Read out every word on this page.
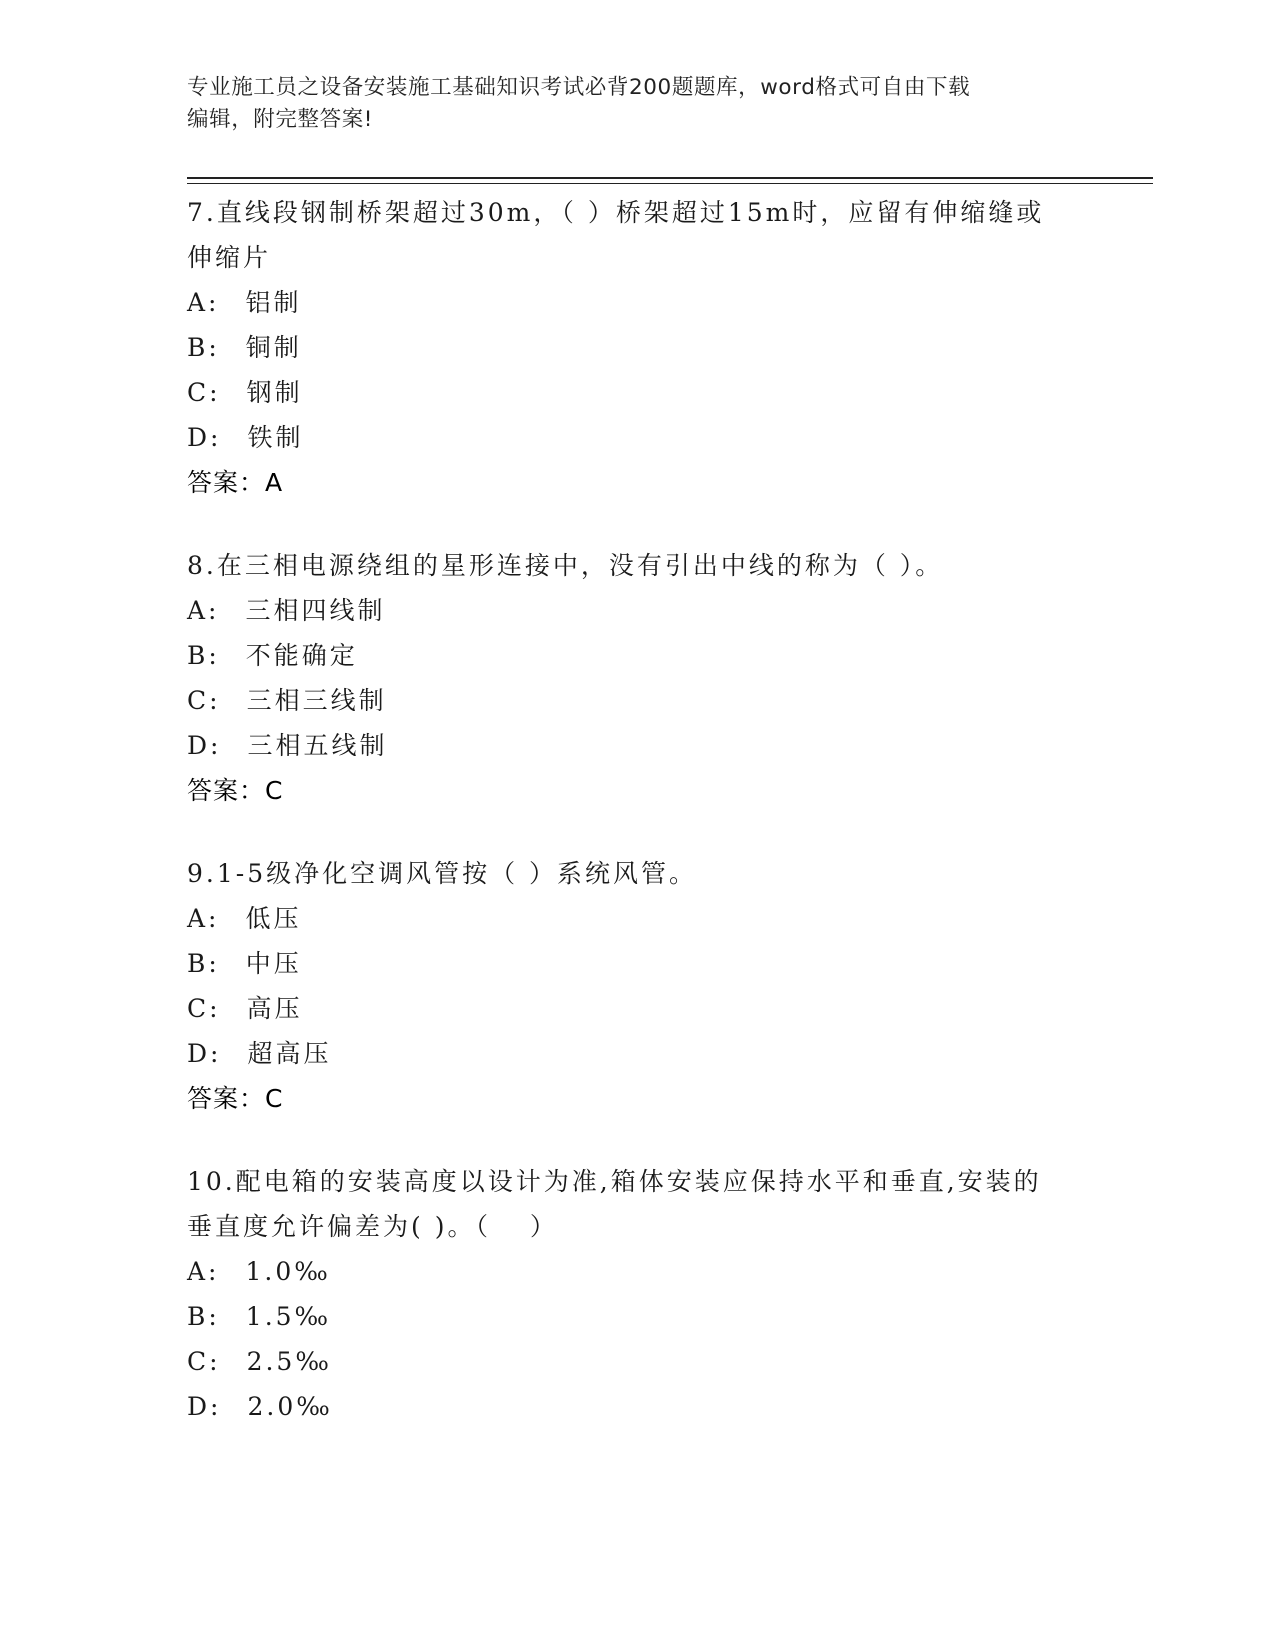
专业施工员之设备安装施工基础知识考试必背200题题库，word格式可自由下载
编辑，附完整答案!

7.直线段钢制桥架超过30m，（ ）桥架超过15m时，应留有伸缩缝或
伸缩片

A: 铝制

B: 铜制

C: 钢制

D: 铁制

答案：A

8.在三相电源绕组的星形连接中，没有引出中线的称为（ ）。

A: 三相四线制

B: 不能确定

C: 三相三线制

D: 三相五线制

答案：C

9.1-5级净化空调风管按（ ）系统风管。

A: 低压

B: 中压

C: 高压

D: 超高压

答案：C

10.配电箱的安装高度以设计为准,箱体安装应保持水平和垂直,安装的
垂直度允许偏差为( )。（　 ）

A: 1.0‰

B: 1.5‰

C: 2.5‰

D: 2.0‰
